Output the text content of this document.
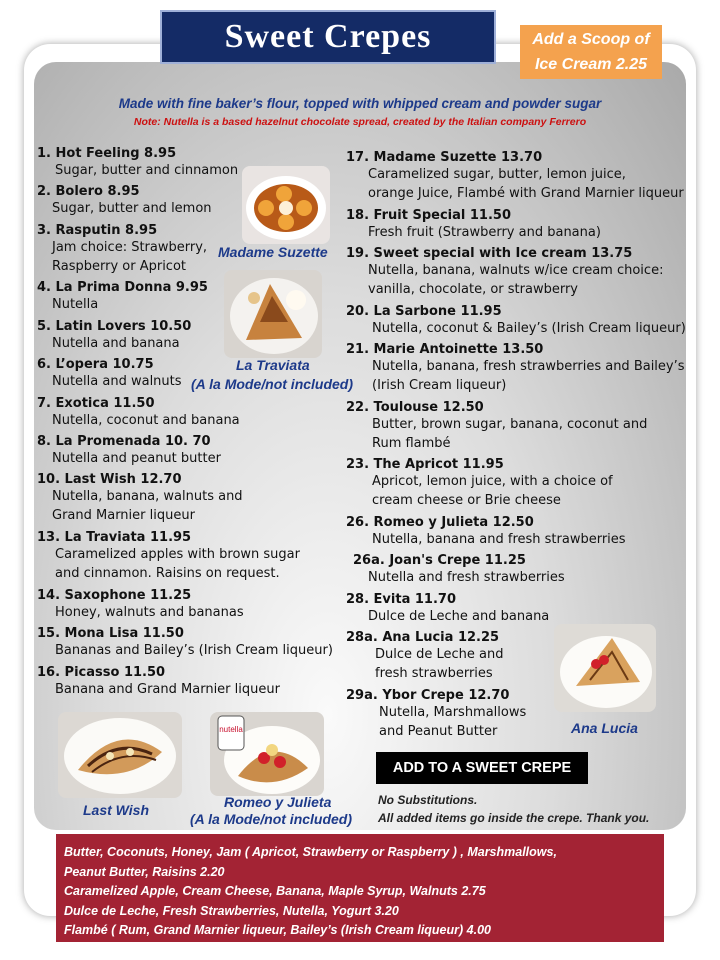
Sweet Crepes	Add a Scoop of
Ice Cream 2.25
Made with fine baker’s flour, topped with whipped cream and powder sugar
Note: Nutella is a based hazelnut chocolate spread, created by the Italian company Ferrero
1. Hot Feeling 8.95
Sugar, butter and cinnamon
2. Bolero 8.95
Sugar, butter and lemon
3. Rasputin 8.95
Jam choice: Strawberry,
Raspberry or Apricot
4. La Prima Donna 9.95
Nutella
5. Latin Lovers 10.50
Nutella and banana
6. L’opera 10.75
Nutella and walnuts
7. Exotica 11.50
Nutella, coconut and banana
8. La Promenada 10. 70
Nutella and peanut butter
10. Last Wish 12.70
Nutella, banana, walnuts and
Grand Marnier liqueur
13. La Traviata 11.95
Caramelized apples with brown sugar
and cinnamon. Raisins on request.
14. Saxophone 11.25
Honey, walnuts and bananas
15. Mona Lisa 11.50
Bananas and Bailey’s (Irish Cream liqueur)
16. Picasso 11.50
Banana and Grand Marnier liqueur
17. Madame Suzette 13.70
Caramelized sugar, butter, lemon juice,
orange Juice, Flambé with Grand Marnier liqueur
18. Fruit Special 11.50
Fresh fruit (Strawberry and banana)
19. Sweet special with Ice cream 13.75
Nutella, banana, walnuts w/ice cream choice:
vanilla, chocolate, or strawberry
20. La Sarbone 11.95
Nutella, coconut & Bailey’s (Irish Cream liqueur)
21. Marie Antoinette 13.50
Nutella, banana, fresh strawberries and Bailey’s
(Irish Cream liqueur)
22. Toulouse 12.50
Butter, brown sugar, banana, coconut and
Rum flambé
23. The Apricot 11.95
Apricot, lemon juice, with a choice of
cream cheese or Brie cheese
26. Romeo y Julieta 12.50
Nutella, banana and fresh strawberries
26a. Joan's Crepe 11.25
Nutella and fresh strawberries
28. Evita 11.70
Dulce de Leche and banana
28a. Ana Lucia 12.25
Dulce de Leche and
fresh strawberries
29a. Ybor Crepe 12.70
Nutella, Marshmallows
and Peanut Butter
Madame Suzette
La Traviata
(A la Mode/not included)
Last Wish
nutella
Romeo y Julieta
(A la Mode/not included)
Ana Lucia
ADD TO A SWEET CREPE
No Substitutions.
All added items go inside the crepe. Thank you.
Butter, Coconuts, Honey, Jam ( Apricot, Strawberry or Raspberry ) , Marshmallows,
Peanut Butter, Raisins 2.20
Caramelized Apple, Cream Cheese, Banana, Maple Syrup, Walnuts 2.75
Dulce de Leche, Fresh Strawberries, Nutella, Yogurt 3.20
Flambé ( Rum, Grand Marnier liqueur, Bailey’s (Irish Cream liqueur) 4.00
